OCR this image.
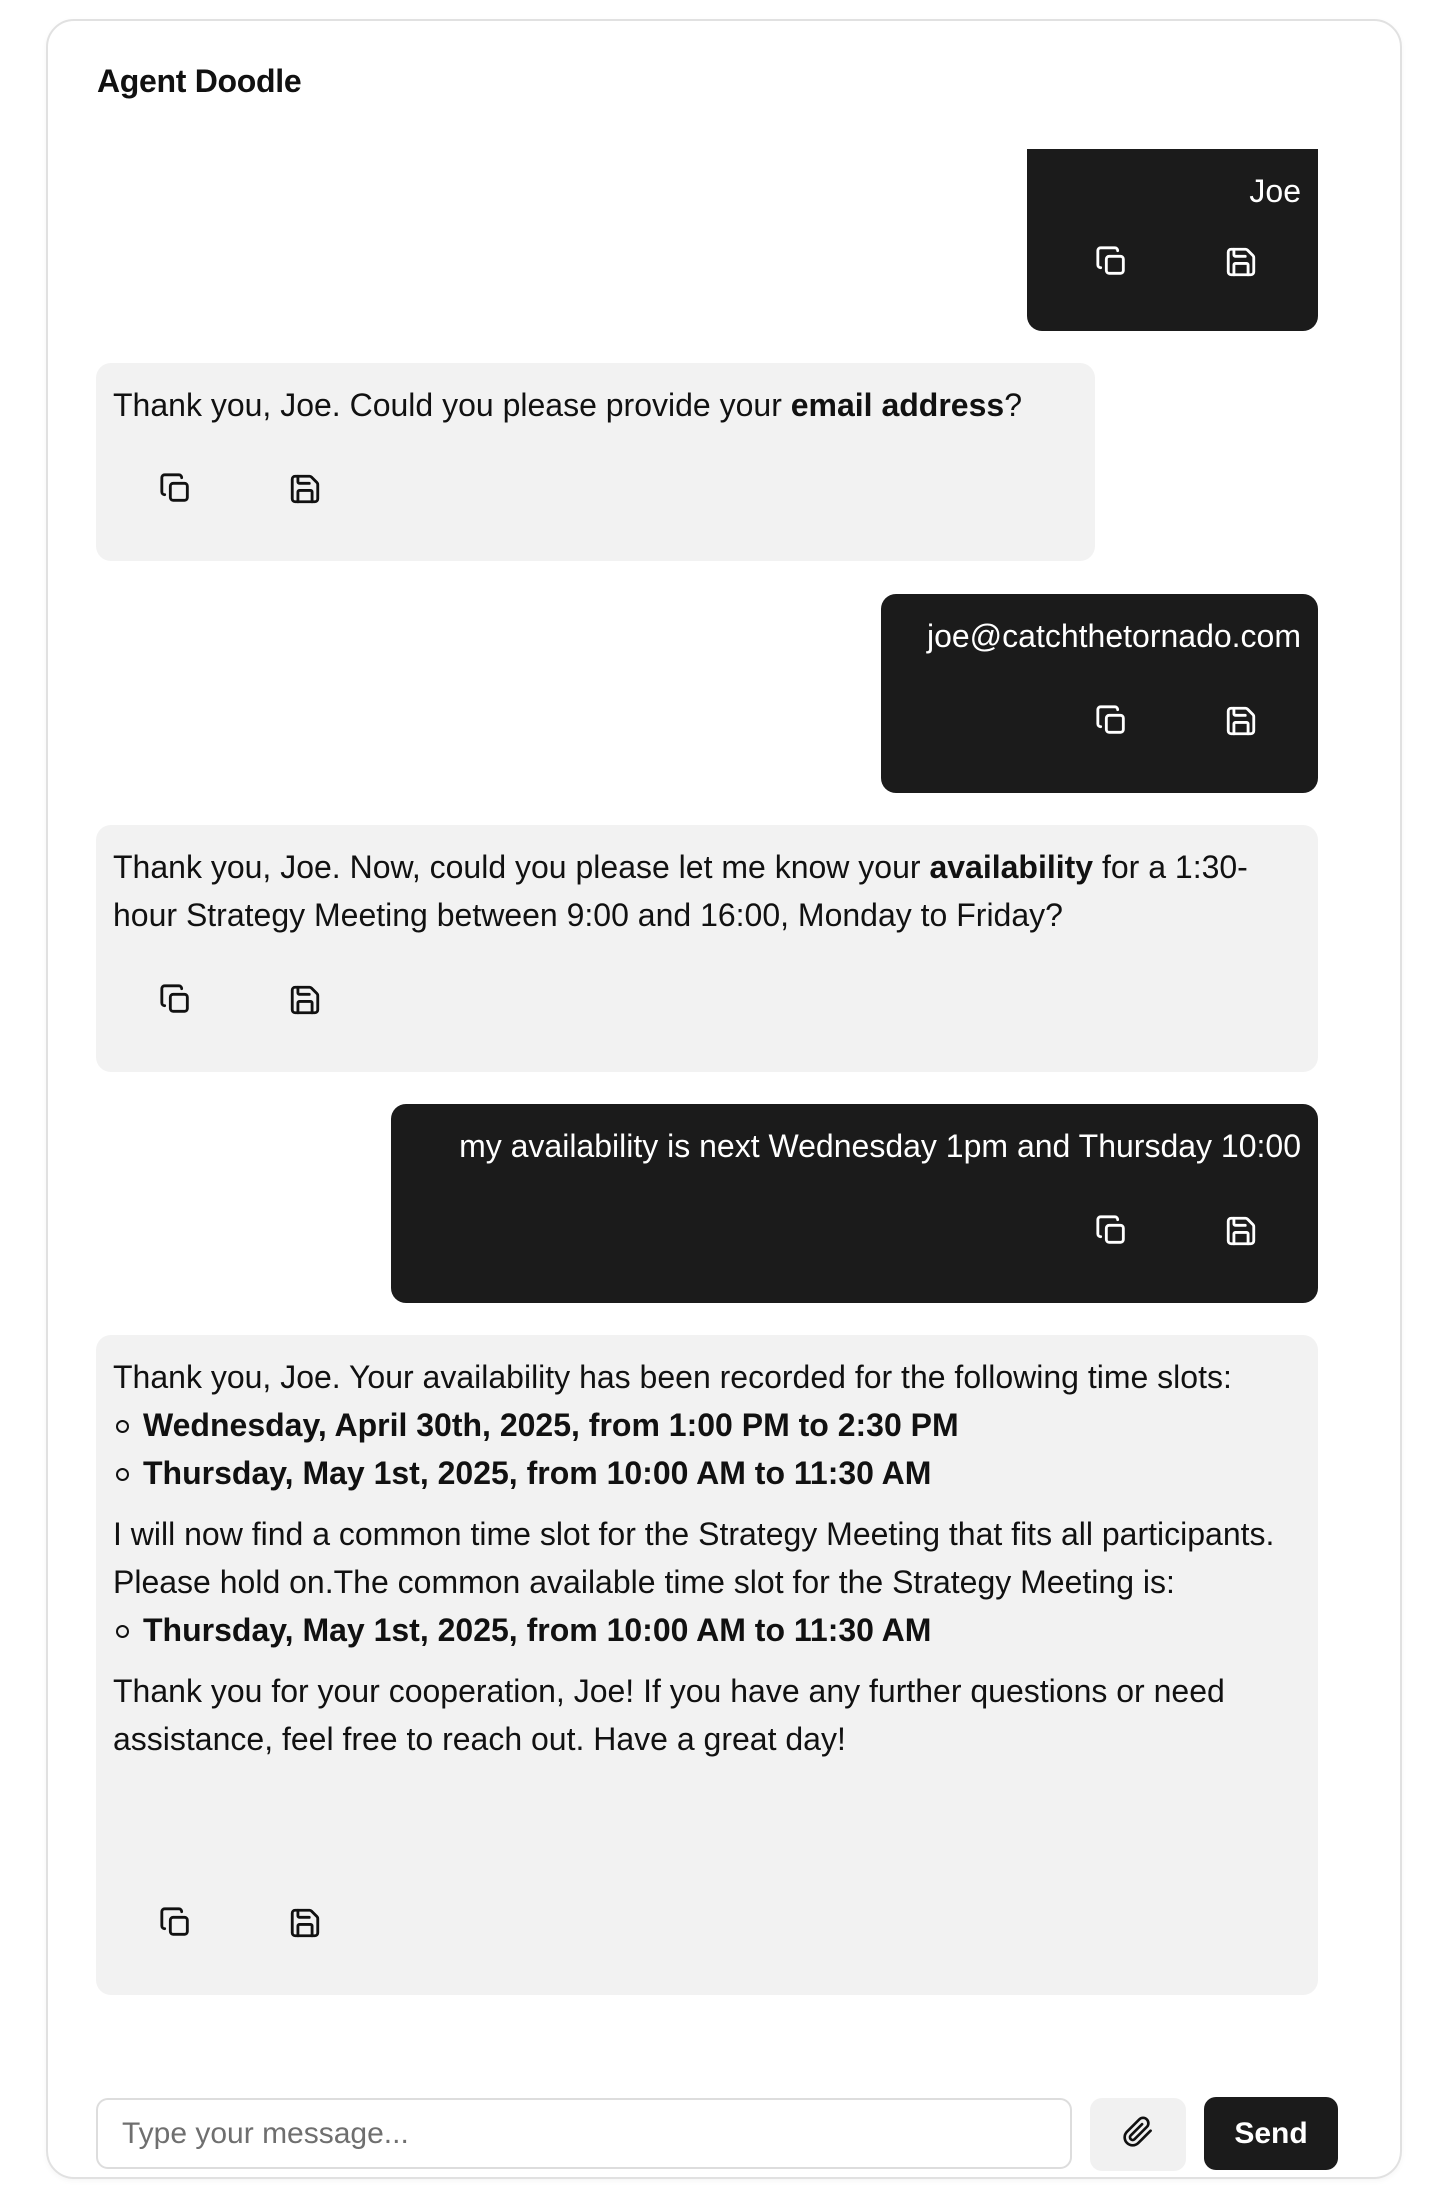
Agent Doodle
Joe
Thank you, Joe. Could you please provide your email address?
joe@catchthetornado.com
Thank you, Joe. Now, could you please let me know your availability for a 1:30-hour Strategy Meeting between 9:00 and 16:00, Monday to Friday?
my availability is next Wednesday 1pm and Thursday 10:00

Thank you, Joe. Your availability has been recorded for the following time slots:

Wednesday, April 30th, 2025, from 1:00 PM to 2:30 PM
Thursday, May 1st, 2025, from 10:00 AM to 11:30 AM

I will now find a common time slot for the Strategy Meeting that fits all participants. Please hold on.The common available time slot for the Strategy Meeting is:

Thursday, May 1st, 2025, from 10:00 AM to 11:30 AM

Thank you for your cooperation, Joe! If you have any further questions or need assistance, feel free to reach out. Have a great day!

Type your message...
Send
